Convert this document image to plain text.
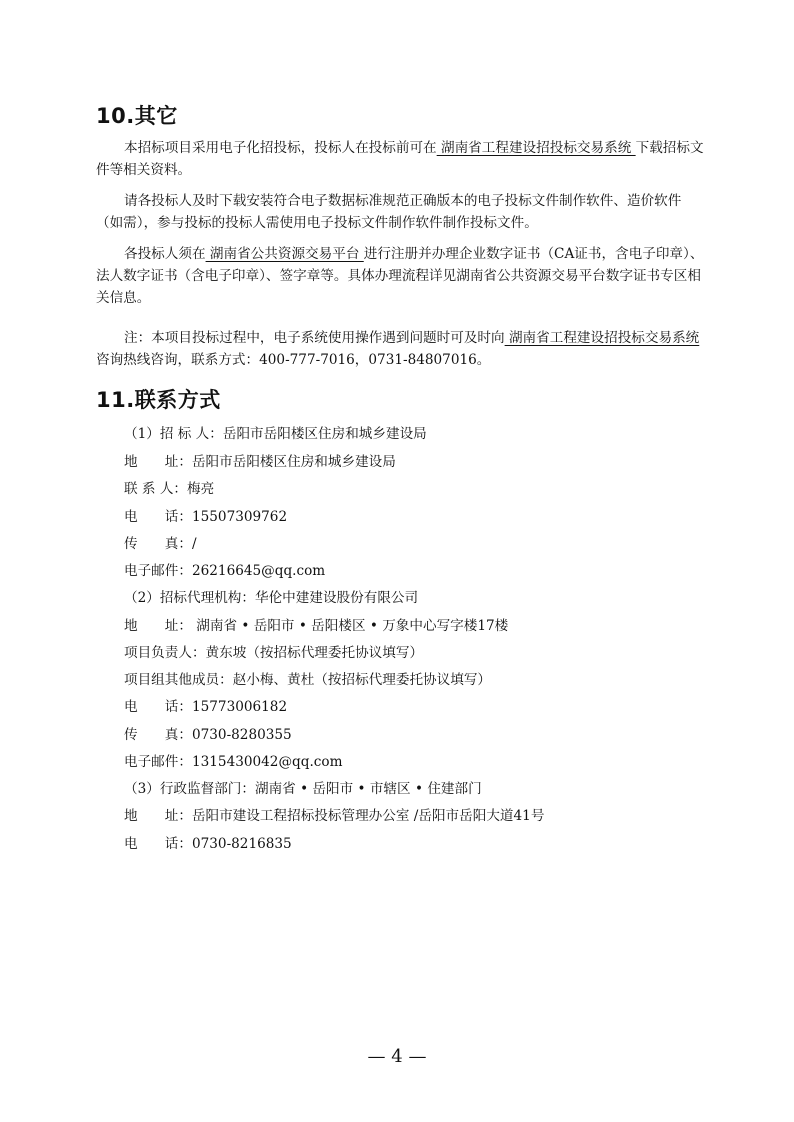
10.其它
本招标项目采用电子化招投标，投标人在投标前可在 湖南省工程建设招投标交易系统 下载招标文件等相关资料。
请各投标人及时下载安装符合电子数据标准规范正确版本的电子投标文件制作软件、造价软件（如需），参与投标的投标人需使用电子投标文件制作软件制作投标文件。
各投标人须在 湖南省公共资源交易平台 进行注册并办理企业数字证书（CA证书，含电子印章）、法人数字证书（含电子印章）、签字章等。具体办理流程详见湖南省公共资源交易平台数字证书专区相关信息。
注：本项目投标过程中，电子系统使用操作遇到问题时可及时向 湖南省工程建设招投标交易系统咨询热线咨询，联系方式：400-777-7016，0731-84807016。
11.联系方式
（1）招 标 人：岳阳市岳阳楼区住房和城乡建设局
地　　址：岳阳市岳阳楼区住房和城乡建设局
联 系 人：梅亮
电　　话：15507309762
传　　真：/
电子邮件：26216645@qq.com
（2）招标代理机构：华伦中建建设股份有限公司
地　　址： 湖南省 • 岳阳市 • 岳阳楼区 • 万象中心写字楼17楼
项目负责人：黄东坡（按招标代理委托协议填写）
项目组其他成员：赵小梅、黄杜（按招标代理委托协议填写）
电　　话：15773006182
传　　真：0730-8280355
电子邮件：1315430042@qq.com
（3）行政监督部门：湖南省 • 岳阳市 • 市辖区 • 住建部门
地　　址：岳阳市建设工程招标投标管理办公室 /岳阳市岳阳大道41号
电　　话：0730-8216835
— 4 —
